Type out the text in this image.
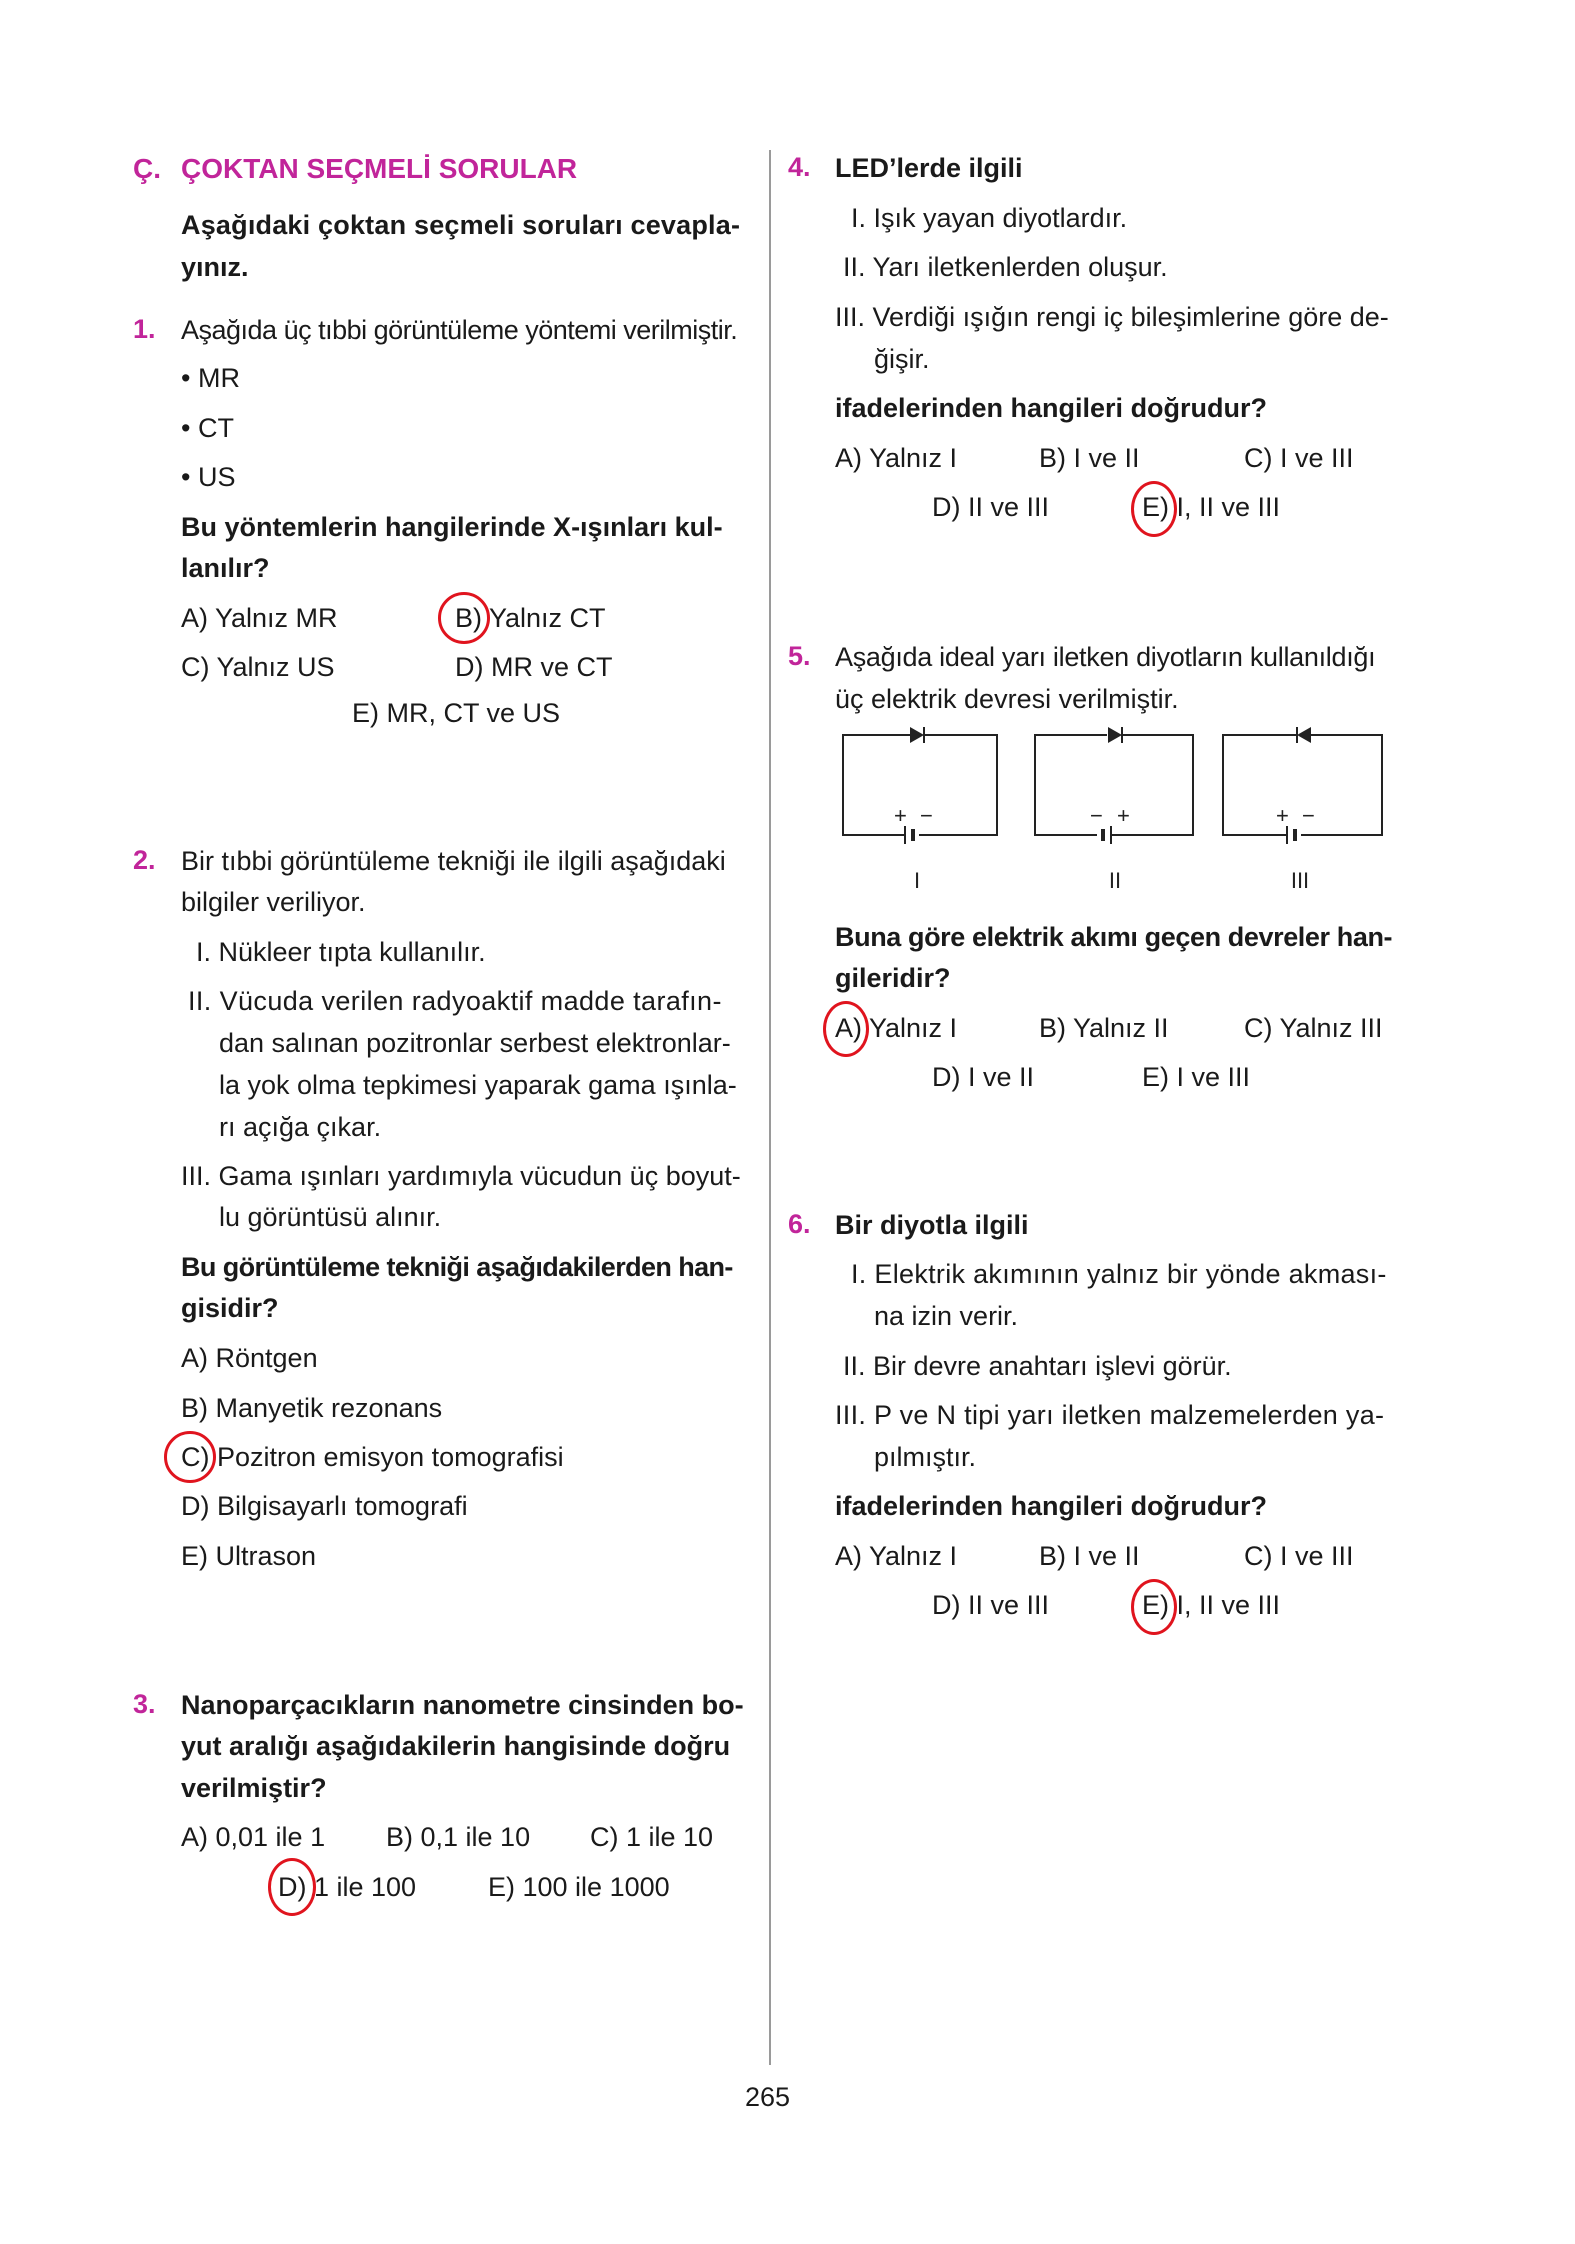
Ç. ÇOKTAN SEÇMELİ SORULAR
Aşağıdaki çoktan seçmeli soruları cevapla-
yınız.
1. Aşağıda üç tıbbi görüntüleme yöntemi verilmiştir.
• MR
• CT
• US
Bu yöntemlerin hangilerinde X-ışınları kul-
lanılır?
A) Yalnız MR	B) Yalnız CT
C) Yalnız US	D) MR ve CT
E) MR, CT ve US
2. Bir tıbbi görüntüleme tekniği ile ilgili aşağıdaki
bilgiler veriliyor.
I. Nükleer tıpta kullanılır.
II. Vücuda verilen radyoaktif madde tarafın-
dan salınan pozitronlar serbest elektronlar-
la yok olma tepkimesi yaparak gama ışınla-
rı açığa çıkar.
III. Gama ışınları yardımıyla vücudun üç boyut-
lu görüntüsü alınır.
Bu görüntüleme tekniği aşağıdakilerden han-
gisidir?
A) Röntgen
B) Manyetik rezonans
C) Pozitron emisyon tomografisi
D) Bilgisayarlı tomografi
E) Ultrason
3. Nanoparçacıkların nanometre cinsinden bo-
yut aralığı aşağıdakilerin hangisinde doğru
verilmiştir?
A) 0,01 ile 1 B) 0,1 ile 10 C) 1 ile 10
D) 1 ile 100	E) 100 ile 1000
4. LED’lerde ilgili
I. Işık yayan diyotlardır.
II. Yarı iletkenlerden oluşur.
III. Verdiği ışığın rengi iç bileşimlerine göre de-
ğişir.
ifadelerinden hangileri doğrudur?
A) Yalnız I	B) I ve II	C) I ve III
D) II ve III	E) I, II ve III
5. Aşağıda ideal yarı iletken diyotların kullanıldığı
üç elektrik devresi verilmiştir.
+ −	− +	+ −
I	II	III
Buna göre elektrik akımı geçen devreler han-
gileridir?
A) Yalnız I	B) Yalnız II	C) Yalnız III
D) I ve II	E) I ve III
6. Bir diyotla ilgili
I. Elektrik akımının yalnız bir yönde akması-
na izin verir.
II. Bir devre anahtarı işlevi görür.
III. P ve N tipi yarı iletken malzemelerden ya-
pılmıştır.
ifadelerinden hangileri doğrudur?
A) Yalnız I	B) I ve II	C) I ve III
D) II ve III	E) I, II ve III
265
